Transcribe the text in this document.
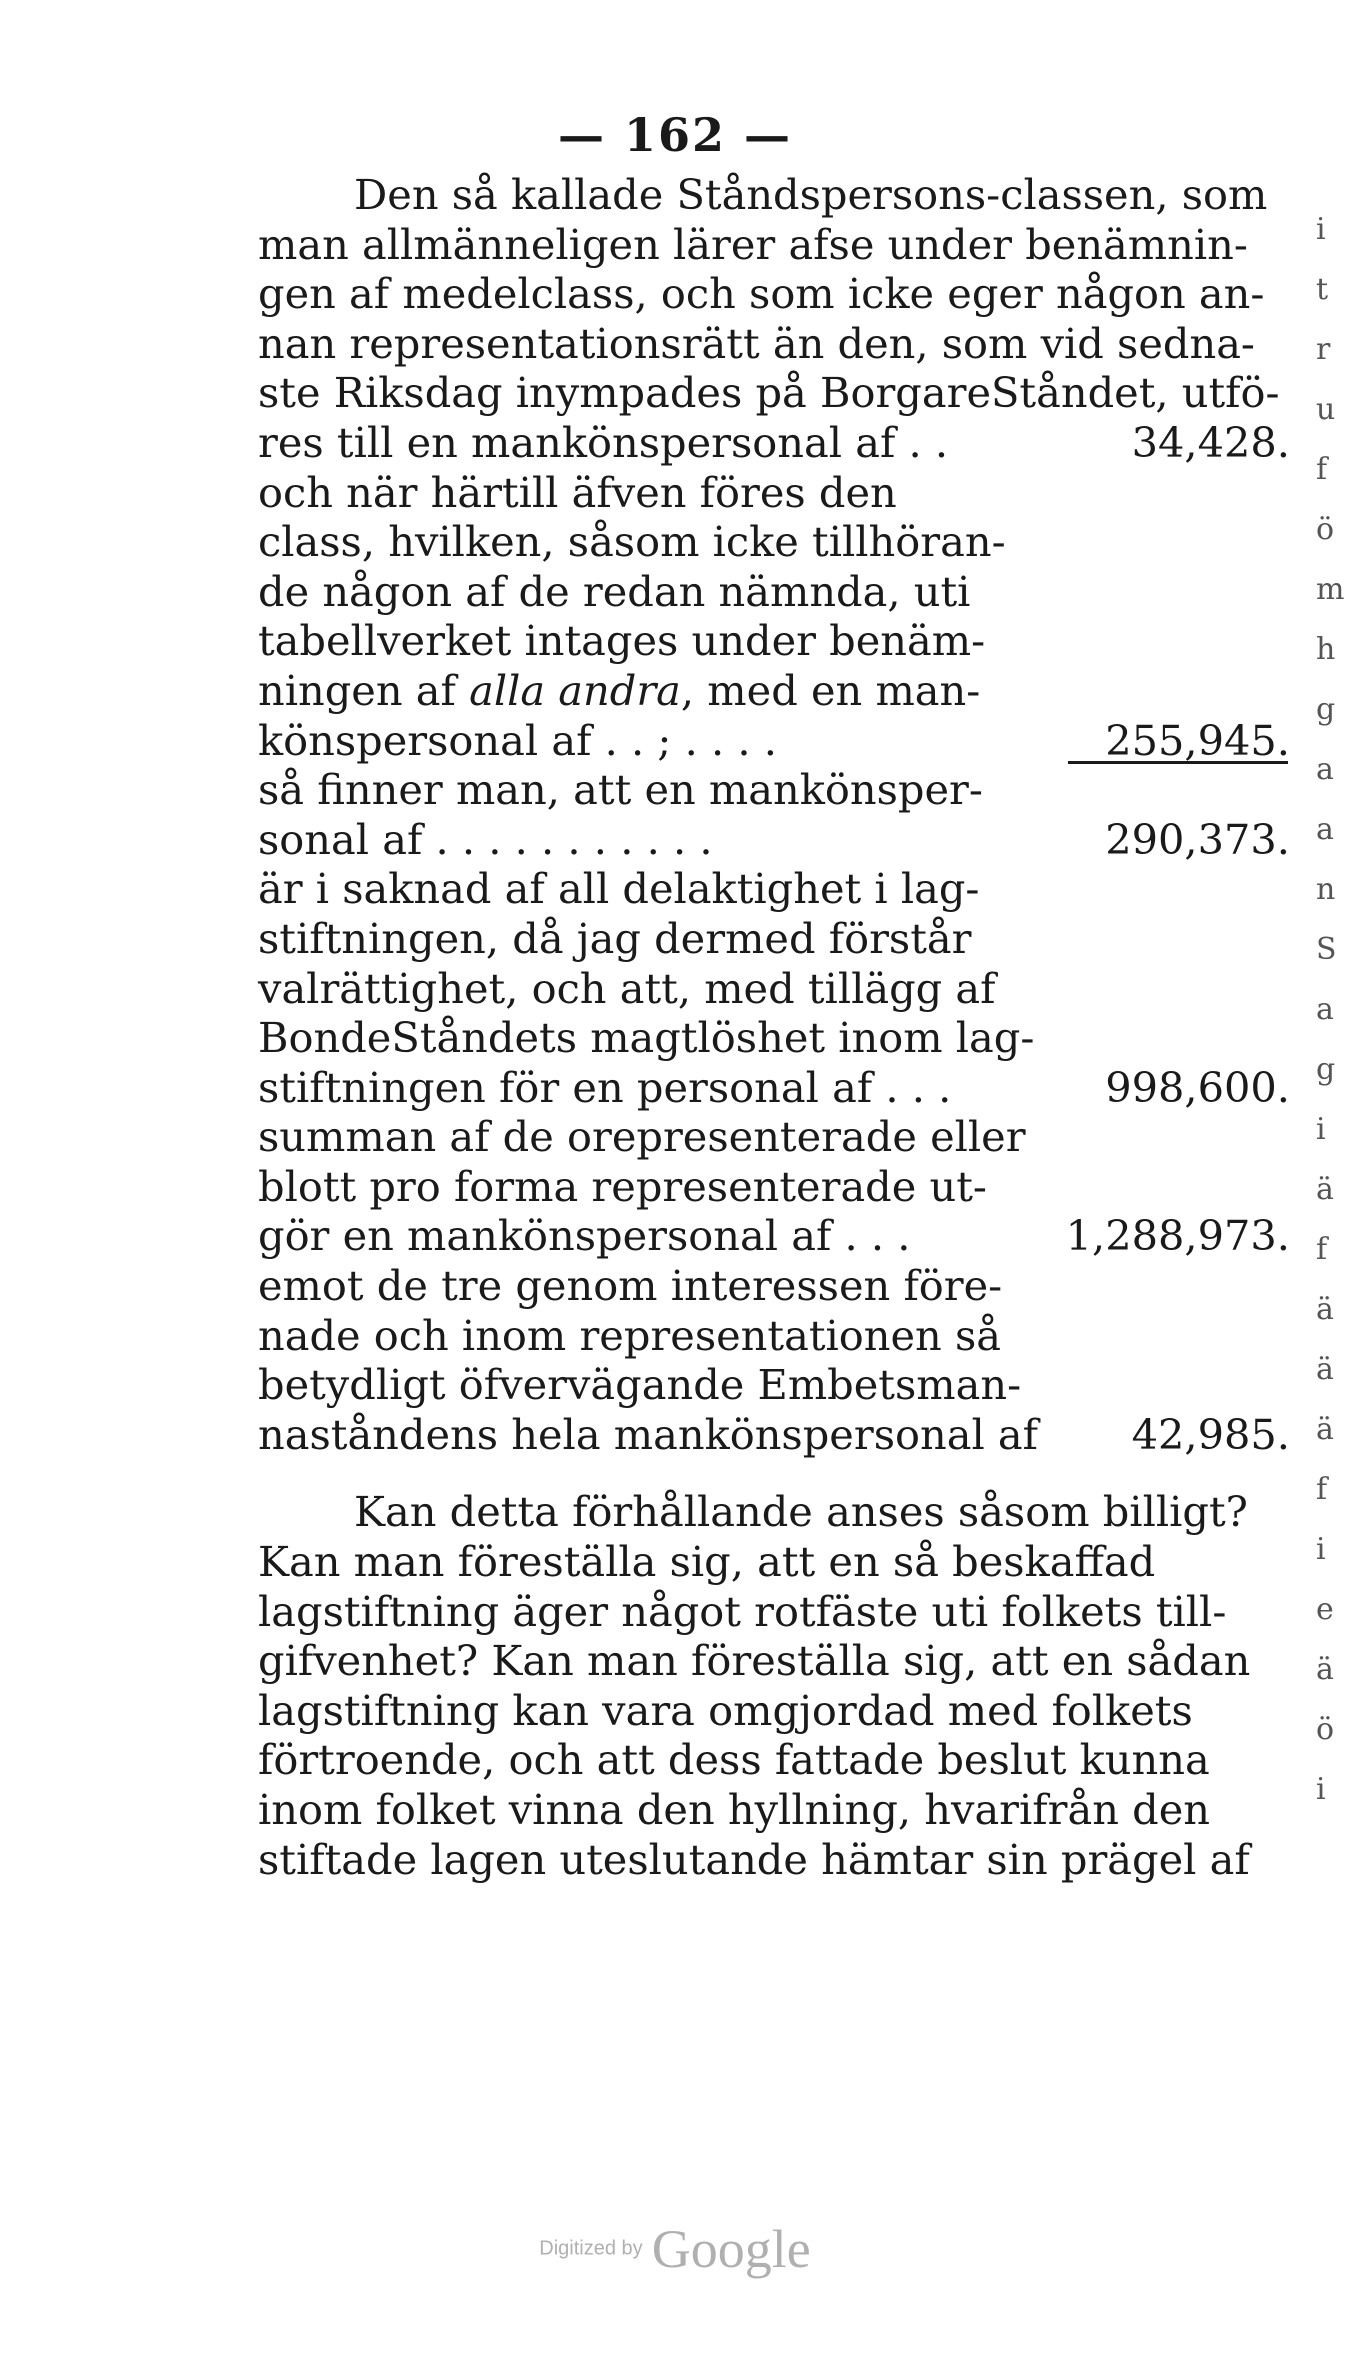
— 162 —
Den så kallade Ståndspersons-classen, som
man allmänneligen lärer afse under benämnin-
gen af medelclass, och som icke eger någon an-
nan representationsrätt än den, som vid sedna-
ste Riksdag inympades på BorgareStåndet, utfö-
res till en mankönspersonal af . .	34,428.
och när härtill äfven föres den
class, hvilken, såsom icke tillhöran-
de någon af de redan nämnda, uti
tabellverket intages under benäm-
ningen af alla andra, med en man-
könspersonal af . . ; . . . .	255,945.
så finner man, att en mankönsper-
sonal af . . . . . . . . . . .	290,373.
är i saknad af all delaktighet i lag-
stiftningen, då jag dermed förstår
valrättighet, och att, med tillägg af
BondeStåndets magtlöshet inom lag-
stiftningen för en personal af . . .	998,600.
summan af de orepresenterade eller
blott pro forma representerade ut-
gör en mankönspersonal af . . .	1,288,973.
emot de tre genom interessen före-
nade och inom representationen så
betydligt öfvervägande Embetsman-
naståndens hela mankönspersonal af 42,985.
Kan detta förhållande anses såsom billigt?
Kan man föreställa sig, att en så beskaffad
lagstiftning äger något rotfäste uti folkets till-
gifvenhet? Kan man föreställa sig, att en sådan
lagstiftning kan vara omgjordad med folkets
förtroende, och att dess fattade beslut kunna
inom folket vinna den hyllning, hvarifrån den
stiftade lagen uteslutande hämtar sin prägel af
i
t
r
u
f
ö
m
h
g
a
a
n
S
a
g
i
ä
f
ä
ä
ä
f
i
e
ä
ö
i
Digitized by Google
